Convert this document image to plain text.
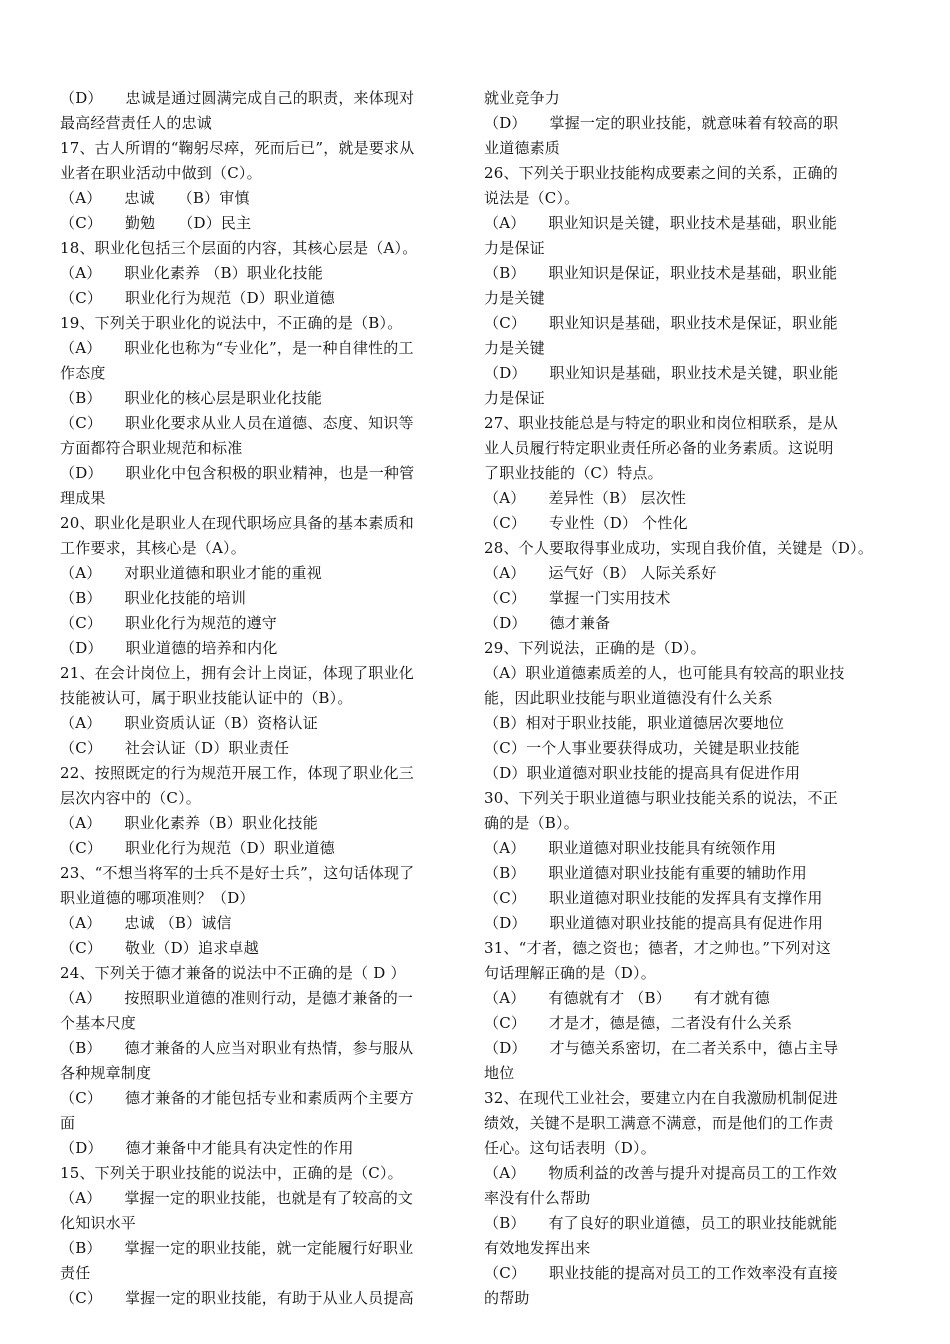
（D）　　忠诚是通过圆满完成自己的职责，来体现对
最高经营责任人的忠诚
17、古人所谓的“鞠躬尽瘁，死而后已”，就是要求从
业者在职业活动中做到（C）。
（A）　　忠诚　　（B）审慎
（C）　　勤勉　　（D）民主
18、职业化包括三个层面的内容，其核心层是（A）。
（A）　　职业化素养 （B）职业化技能
（C）　　职业化行为规范（D）职业道德
19、下列关于职业化的说法中，不正确的是（B）。
（A）　　职业化也称为“专业化”，是一种自律性的工
作态度
（B）　　职业化的核心层是职业化技能
（C）　　职业化要求从业人员在道德、态度、知识等
方面都符合职业规范和标准
（D）　　职业化中包含积极的职业精神，也是一种管
理成果
20、职业化是职业人在现代职场应具备的基本素质和
工作要求，其核心是（A）。
（A）　　对职业道德和职业才能的重视
（B）　　职业化技能的培训
（C）　　职业化行为规范的遵守
（D）　　职业道德的培养和内化
21、在会计岗位上，拥有会计上岗证，体现了职业化
技能被认可，属于职业技能认证中的（B）。
（A）　　职业资质认证（B）资格认证
（C）　　社会认证（D）职业责任
22、按照既定的行为规范开展工作，体现了职业化三
层次内容中的（C）。
（A）　　职业化素养（B）职业化技能
（C）　　职业化行为规范（D）职业道德
23、“不想当将军的士兵不是好士兵”，这句话体现了
职业道德的哪项准则？（D）
（A）　　忠诚 （B）诚信
（C）　　敬业（D）追求卓越
24、下列关于德才兼备的说法中不正确的是（ D ）
（A）　　按照职业道德的准则行动，是德才兼备的一
个基本尺度
（B）　　德才兼备的人应当对职业有热情，参与服从
各种规章制度
（C）　　德才兼备的才能包括专业和素质两个主要方
面
（D）　　德才兼备中才能具有决定性的作用
15、下列关于职业技能的说法中，正确的是（C）。
（A）　　掌握一定的职业技能，也就是有了较高的文
化知识水平
（B）　　掌握一定的职业技能，就一定能履行好职业
责任
（C）　　掌握一定的职业技能，有助于从业人员提高
就业竞争力
（D）　　掌握一定的职业技能，就意味着有较高的职
业道德素质
26、下列关于职业技能构成要素之间的关系，正确的
说法是（C）。
（A）　　职业知识是关键，职业技术是基础，职业能
力是保证
（B）　　职业知识是保证，职业技术是基础，职业能
力是关键
（C）　　职业知识是基础，职业技术是保证，职业能
力是关键
（D）　　职业知识是基础，职业技术是关键，职业能
力是保证
27、职业技能总是与特定的职业和岗位相联系，是从
业人员履行特定职业责任所必备的业务素质。这说明
了职业技能的（C）特点。
（A）　　差异性（B） 层次性
（C）　　专业性（D） 个性化
28、个人要取得事业成功，实现自我价值，关键是（D）。
（A）　　运气好（B） 人际关系好
（C）　　掌握一门实用技术
（D）　　德才兼备
29、下列说法，正确的是（D）。
（A）职业道德素质差的人，也可能具有较高的职业技
能，因此职业技能与职业道德没有什么关系
（B）相对于职业技能，职业道德居次要地位
（C）一个人事业要获得成功，关键是职业技能
（D）职业道德对职业技能的提高具有促进作用
30、下列关于职业道德与职业技能关系的说法，不正
确的是（B）。
（A）　　职业道德对职业技能具有统领作用
（B）　　职业道德对职业技能有重要的辅助作用
（C）　　职业道德对职业技能的发挥具有支撑作用
（D）　　职业道德对职业技能的提高具有促进作用
31、“才者，德之资也；德者，才之帅也。”下列对这
句话理解正确的是（D）。
（A）　　有德就有才 （B）　　有才就有德
（C）　　才是才，德是德，二者没有什么关系
（D）　　才与德关系密切，在二者关系中，德占主导
地位
32、在现代工业社会，要建立内在自我激励机制促进
绩效，关键不是职工满意不满意，而是他们的工作责
任心。这句话表明（D）。
（A）　　物质利益的改善与提升对提高员工的工作效
率没有什么帮助
（B）　　有了良好的职业道德，员工的职业技能就能
有效地发挥出来
（C）　　职业技能的提高对员工的工作效率没有直接
的帮助
